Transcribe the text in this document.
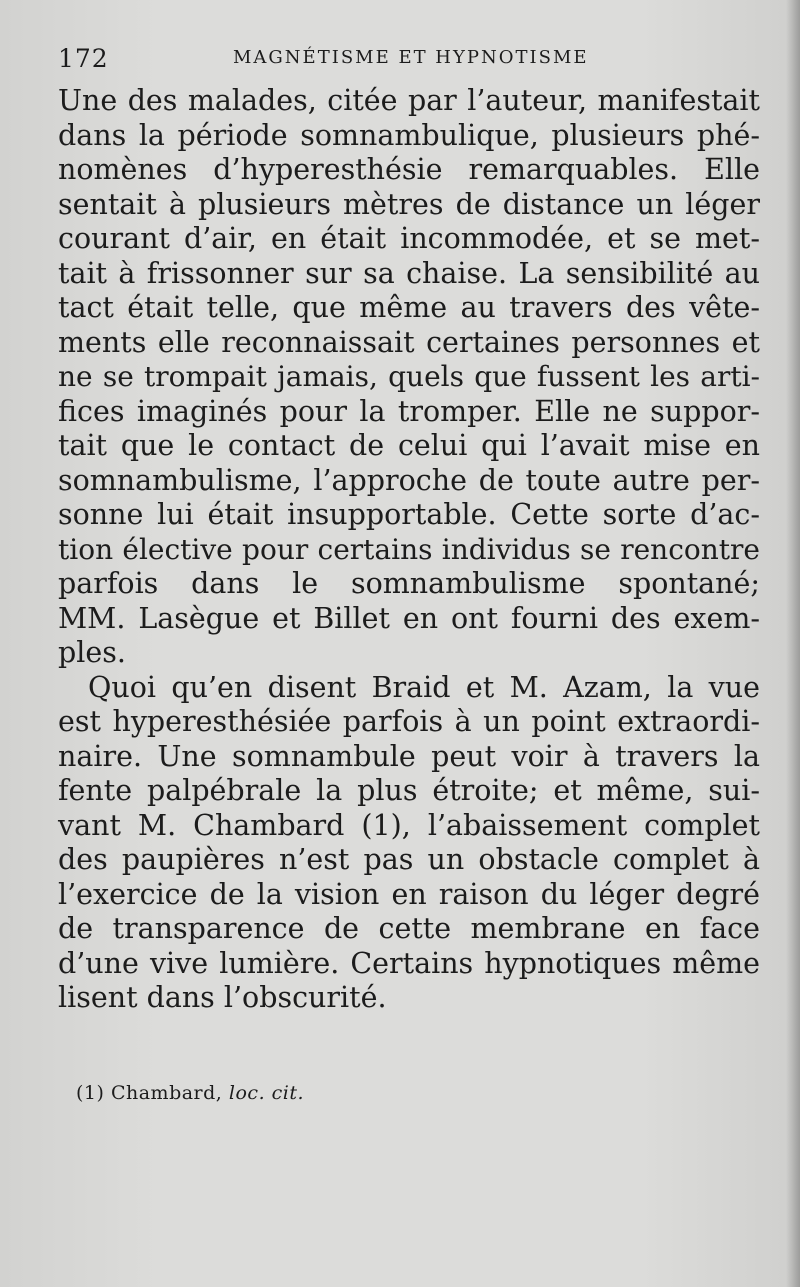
172	MAGNÉTISME ET HYPNOTISME
Une des malades, citée par l’auteur, manifestait
dans la période somnambulique, plusieurs phé-
nomènes d’hyperesthésie remarquables. Elle
sentait à plusieurs mètres de distance un léger
courant d’air, en était incommodée, et se met-
tait à frissonner sur sa chaise. La sensibilité au
tact était telle, que même au travers des vête-
ments elle reconnaissait certaines personnes et
ne se trompait jamais, quels que fussent les arti-
fices imaginés pour la tromper. Elle ne suppor-
tait que le contact de celui qui l’avait mise en
somnambulisme, l’approche de toute autre per-
sonne lui était insupportable. Cette sorte d’ac-
tion élective pour certains individus se rencontre
parfois dans le somnambulisme spontané;
MM. Lasègue et Billet en ont fourni des exem-
ples.
Quoi qu’en disent Braid et M. Azam, la vue
est hyperesthésiée parfois à un point extraordi-
naire. Une somnambule peut voir à travers la
fente palpébrale la plus étroite; et même, sui-
vant M. Chambard (1), l’abaissement complet
des paupières n’est pas un obstacle complet à
l’exercice de la vision en raison du léger degré
de transparence de cette membrane en face
d’une vive lumière. Certains hypnotiques même
lisent dans l’obscurité.
(1) Chambard, loc. cit.
